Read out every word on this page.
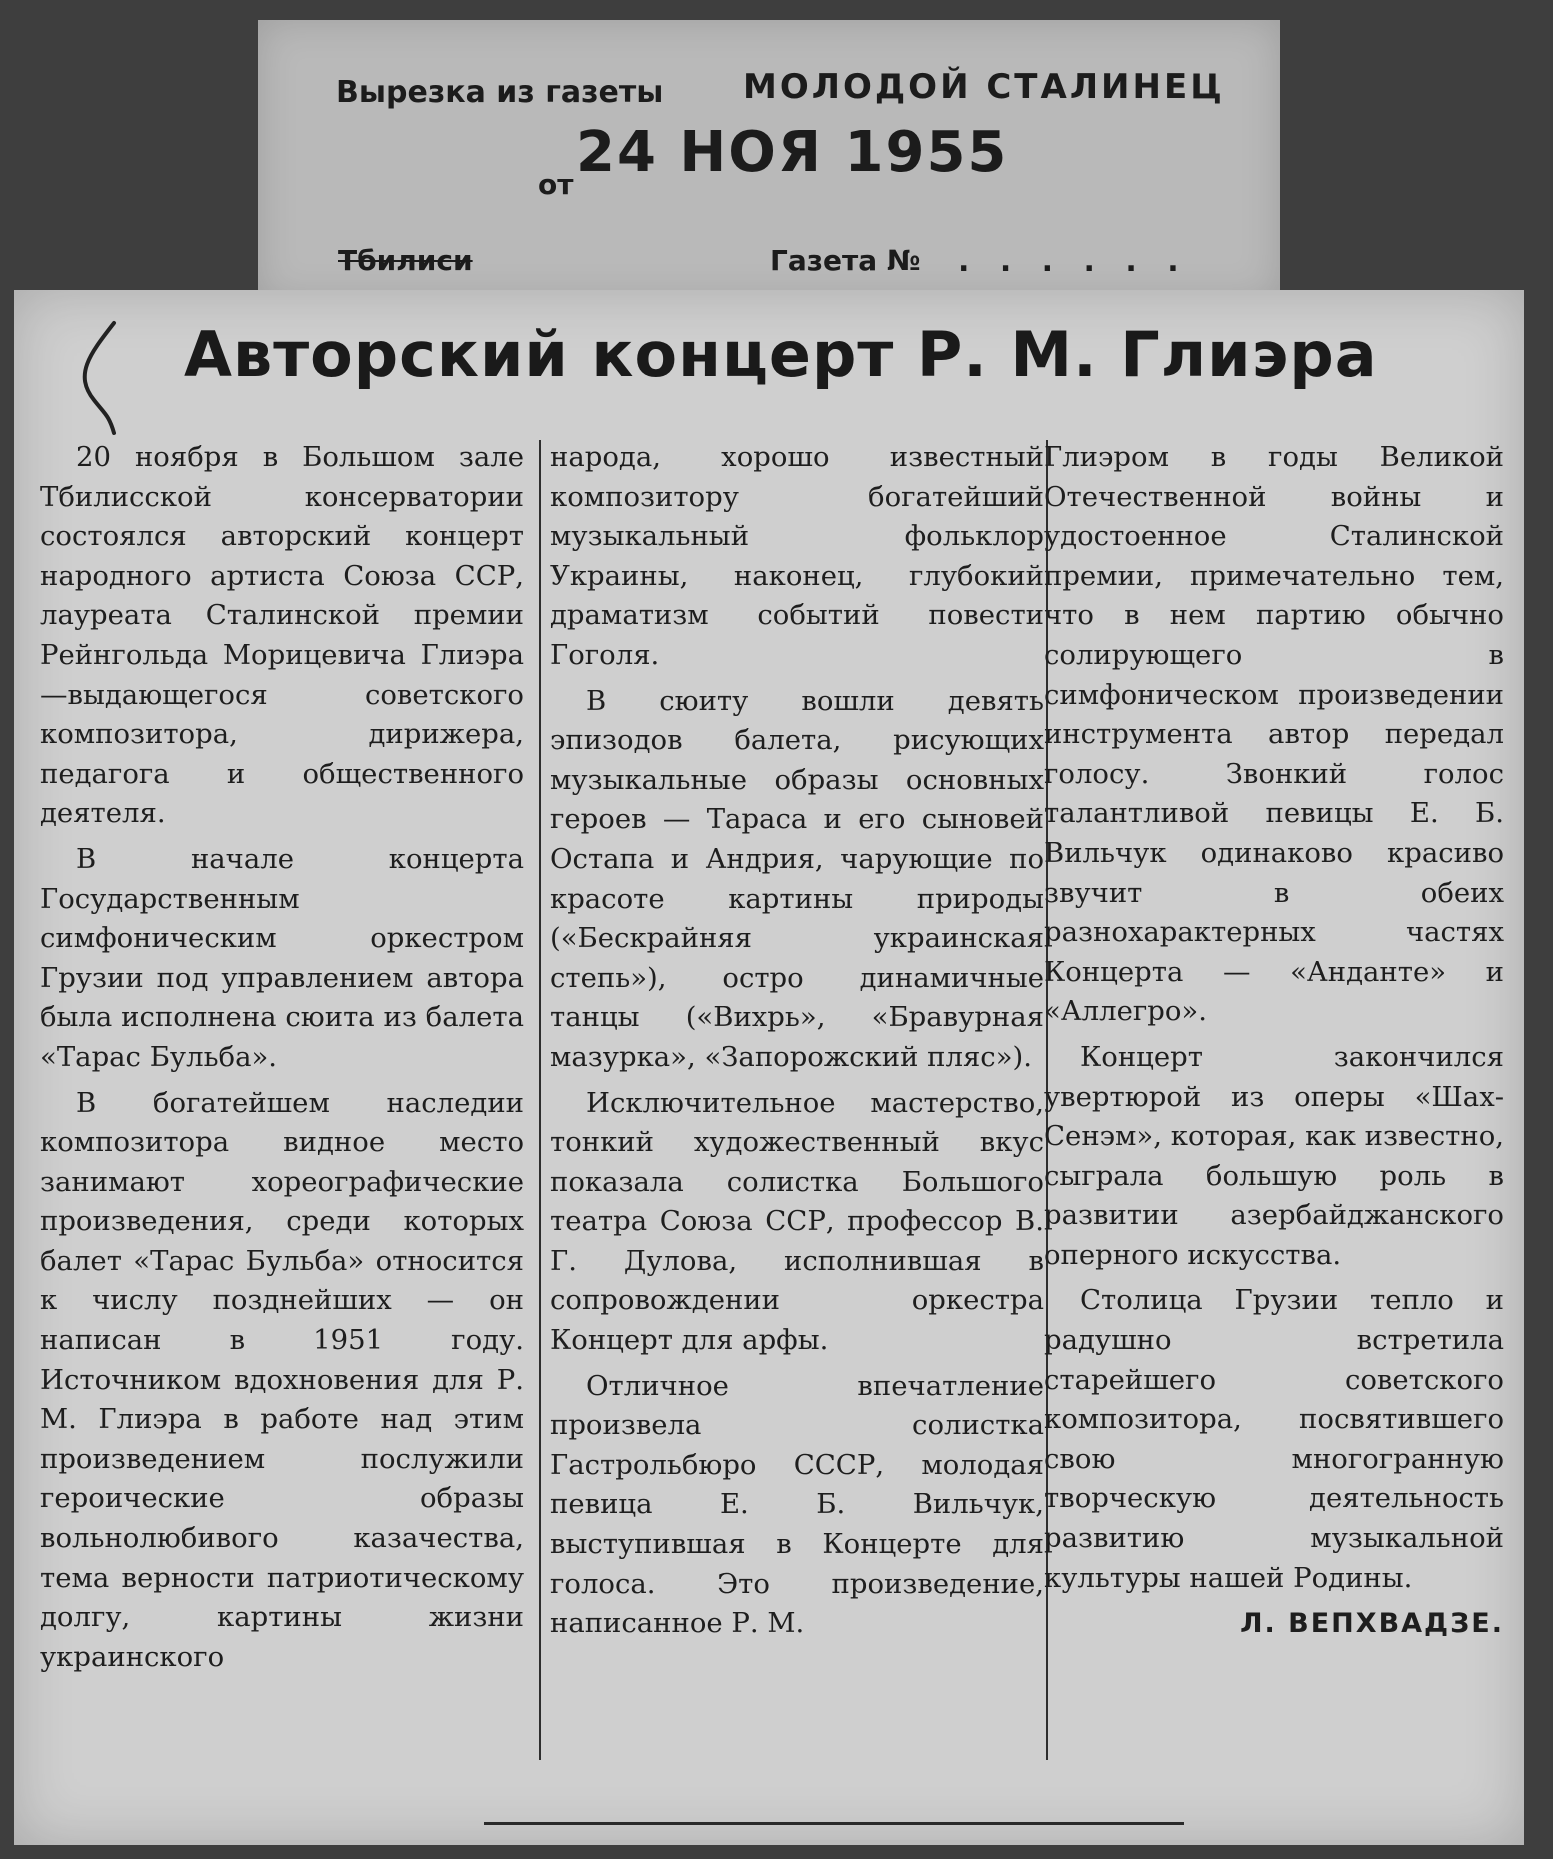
Вырезка из газеты МОЛОДОЙ СТАЛИНЕЦ
от 24 НОЯ 1955
Тбилиси	Газета № . . . . . .
Авторский концерт Р. М. Глиэра

20 ноября в Большом зале Тбилисской консерватории состоялся авторский концерт народного артиста Союза ССР, лауреата Сталинской премии Рейнгольда Морицевича Глиэра—выдающегося советского композитора, дирижера, педагога и общественного деятеля.

В начале концерта Государственным симфоническим оркестром Грузии под управлением автора была исполнена сюита из балета «Тарас Бульба».

В богатейшем наследии композитора видное место занимают хореографические произведения, среди которых балет «Тарас Бульба» относится к числу позднейших — он написан в 1951 году. Источником вдохновения для Р. М. Глиэра в работе над этим произведением послужили героические образы вольнолюбивого казачества, тема верности патриотическому долгу, картины жизни украинского

народа, хорошо известный композитору богатейший музыкальный фольклор Украины, наконец, глубокий драматизм событий повести Гоголя.

В сюиту вошли девять эпизодов балета, рисующих музыкальные образы основных героев — Тараса и его сыновей Остапа и Андрия, чарующие по красоте картины природы («Бескрайняя украинская степь»), остро динамичные танцы («Вихрь», «Бравурная мазурка», «Запорожский пляс»).

Исключительное мастерство, тонкий художественный вкус показала солистка Большого театра Союза ССР, профессор В. Г. Дулова, исполнившая в сопровождении оркестра Концерт для арфы.

Отличное впечатление произвела солистка Гастрольбюро СССР, молодая певица Е. Б. Вильчук, выступившая в Концерте для голоса. Это произведение, написанное Р. М.

Глиэром в годы Великой Отечественной войны и удостоенное Сталинской премии, примечательно тем, что в нем партию обычно солирующего в симфоническом произведении инструмента автор передал голосу. Звонкий голос талантливой певицы Е. Б. Вильчук одинаково красиво звучит в обеих разнохарактерных частях Концерта — «Анданте» и «Аллегро».

Концерт закончился увертюрой из оперы «Шах-Сенэм», которая, как известно, сыграла большую роль в развитии азербайджанского оперного искусства.

Столица Грузии тепло и радушно встретила старейшего советского композитора, посвятившего свою многогранную творческую деятельность развитию музыкальной культуры нашей Родины.

Л. ВЕПХВАДЗЕ.
